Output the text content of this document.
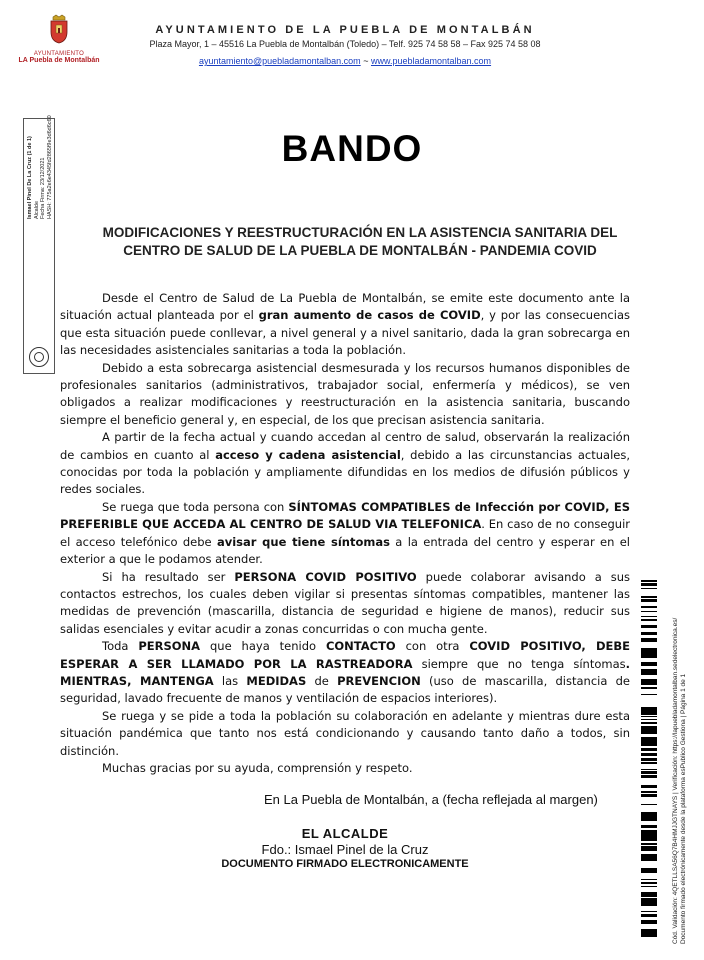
AYUNTAMIENTO
LA Puebla de Montalbán
AYUNTAMIENTO DE LA PUEBLA DE MONTALBÁN
Plaza Mayor, 1 – 45516 La Puebla de Montalbán (Toledo) – Telf. 925 74 58 58 – Fax 925 74 58 08
ayuntamiento@puebladamontalban.com ~ www.puebladamontalban.com
Ismael Pinel De La Cruz (1 de 1)
Alcalde
Fecha Firma: 23/12/2021
HASH: 775a2e6e4345fd2865f9e3d6d6c60	BANDO
MODIFICACIONES Y REESTRUCTURACIÓN EN LA ASISTENCIA SANITARIA DEL
CENTRO DE SALUD DE LA PUEBLA DE MONTALBÁN - PANDEMIA COVID

Desde el Centro de Salud de La Puebla de Montalbán, se emite este documento ante la situación actual planteada por el gran aumento de casos de COVID, y por las consecuencias que esta situación puede conllevar, a nivel general y a nivel sanitario, dada la gran sobrecarga en las necesidades asistenciales sanitarias a toda la población.

Debido a esta sobrecarga asistencial desmesurada y los recursos humanos disponibles de profesionales sanitarios (administrativos, trabajador social, enfermería y médicos), se ven obligados a realizar modificaciones y reestructuración en la asistencia sanitaria, buscando siempre el beneficio general y, en especial, de los que precisan asistencia sanitaria.

A partir de la fecha actual y cuando accedan al centro de salud, observarán la realización de cambios en cuanto al acceso y cadena asistencial, debido a las circunstancias actuales, conocidas por toda la población y ampliamente difundidas en los medios de difusión públicos y redes sociales.

Se ruega que toda persona con SÍNTOMAS COMPATIBLES de Infección por COVID, ES PREFERIBLE QUE ACCEDA AL CENTRO DE SALUD VIA TELEFONICA. En caso de no conseguir el acceso telefónico debe avisar que tiene síntomas a la entrada del centro y esperar en el exterior a que le podamos atender.

Si ha resultado ser PERSONA COVID POSITIVO puede colaborar avisando a sus contactos estrechos, los cuales deben vigilar si presentas síntomas compatibles, mantener las medidas de prevención (mascarilla, distancia de seguridad e higiene de manos), reducir sus salidas esenciales y evitar acudir a zonas concurridas o con mucha gente.

Toda PERSONA que haya tenido CONTACTO con otra COVID POSITIVO, DEBE ESPERAR A SER LLAMADO POR LA RASTREADORA siempre que no tenga síntomas. MIENTRAS, MANTENGA las MEDIDAS de PREVENCION (uso de mascarilla, distancia de seguridad, lavado frecuente de manos y ventilación de espacios interiores).

Se ruega y se pide a toda la población su colaboración en adelante y mientras dure esta situación pandémica que tanto nos está condicionando y causando tanto daño a todos, sin distinción.

Muchas gracias por su ayuda, comprensión y respeto.

En La Puebla de Montalbán, a (fecha reflejada al margen)
EL ALCALDE
Fdo.: Ismael Pinel de la Cruz
DOCUMENTO FIRMADO ELECTRONICAMENTE	Cód. Validación: 4QETLLSA56Q7B4HMJJGTNAYS | Verificación: https://lapuebladamontalban.sedelectronica.es/ Documento firmado electrónicamente desde la plataforma esPublico Gestiona | Página 1 de 1
